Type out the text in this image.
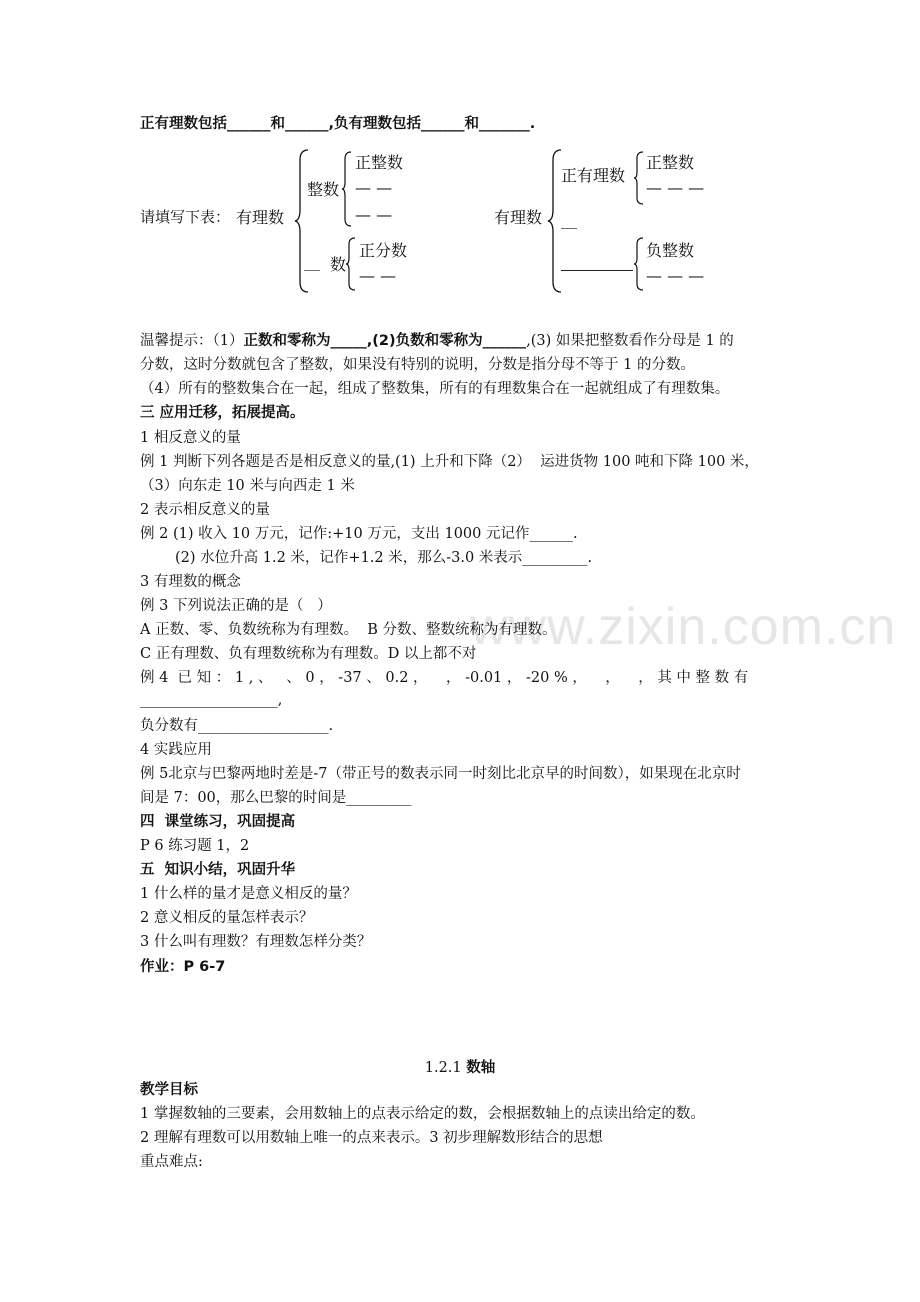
www.zixin.com.cn
正有理数包括______和______,负有理数包括______和_______.
请填写下表： 有理数
整数
正整数
— —
— —
__ 数
正分数
— —
有理数
正有理数
正整数
— — —
__
负整数
— — —
温馨提示：（1）正数和零称为_____,(2)负数和零称为______,(3) 如果把整数看作分母是 1 的
分数，这时分数就包含了整数，如果没有特别的说明，分数是指分母不等于 1 的分数。
（4）所有的整数集合在一起，组成了整数集，所有的有理数集合在一起就组成了有理数集。
三 应用迁移，拓展提高。
1 相反意义的量
例 1 判断下列各题是否是相反意义的量,(1) 上升和下降（2）  运进货物 100 吨和下降 100 米，
（3）向东走 10 米与向西走 1 米
2 表示相反意义的量
例 2 (1) 收入 10 万元，记作:+10 万元，支出 1000 元记作______.
(2) 水位升高 1.2 米，记作+1.2 米，那么-3.0 米表示_________.
3 有理数的概念
例 3 下列说法正确的是（   ）
A 正数、零、负数统称为有理数。  B 分数、整数统称为有理数。
C 正有理数、负有理数统称为有理数。D 以上都不对
例 4  已 知 ： 1 , 、   、 0 ， -37 、 0.2 ，    ， -0.01 ， -20 % ，    ，    ， 其 中 整 数 有
___________________,
负分数有__________________.
4 实践应用
例 5北京与巴黎两地时差是-7（带正号的数表示同一时刻比北京早的时间数），如果现在北京时
间是 7：00，那么巴黎的时间是_________
四  课堂练习，巩固提高
P 6 练习题 1，2
五  知识小结，巩固升华
1 什么样的量才是意义相反的量？
2 意义相反的量怎样表示？
3 什么叫有理数？有理数怎样分类？
作业：P 6-7
1.2.1 数轴
教学目标
1 掌握数轴的三要素，会用数轴上的点表示给定的数，会根据数轴上的点读出给定的数。
2 理解有理数可以用数轴上唯一的点来表示。3 初步理解数形结合的思想
重点难点:
